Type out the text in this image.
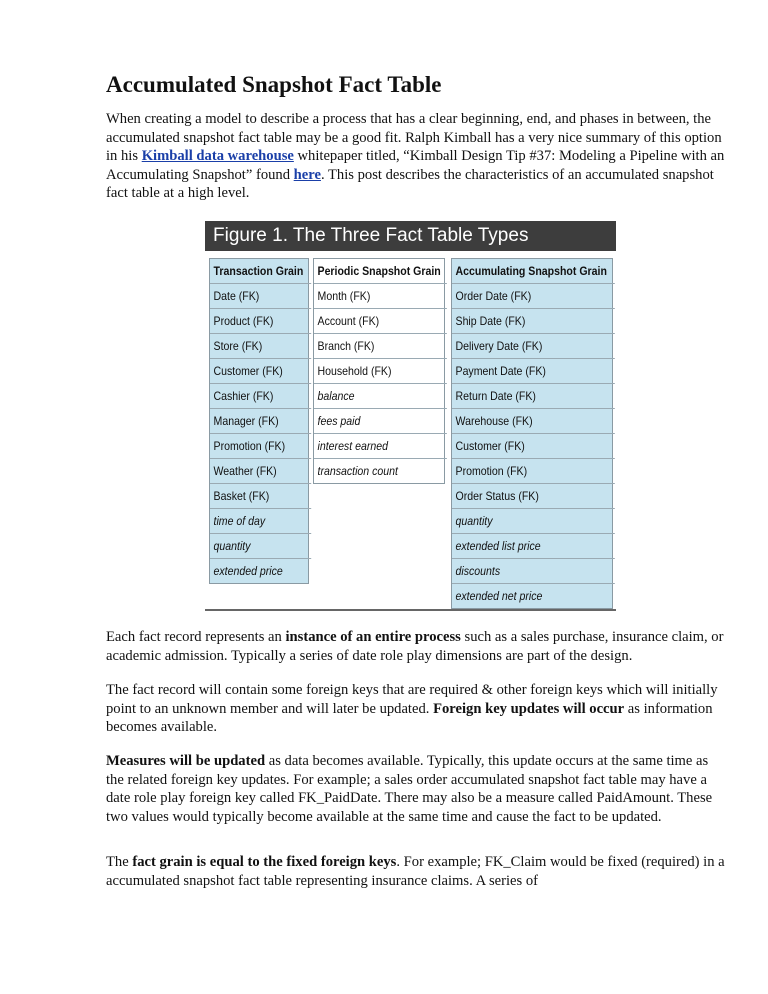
Accumulated Snapshot Fact Table

When creating a model to describe a process that has a clear beginning, end, and phases in between, the accumulated snapshot fact table may be a good fit. Ralph Kimball has a very nice summary of this option in his Kimball data warehouse whitepaper titled, “Kimball Design Tip #37: Modeling a Pipeline with an Accumulating Snapshot” found here. This post describes the characteristics of an accumulated snapshot fact table at a high level.

Figure 1. The Three Fact Table Types
Transaction Grain
Date (FK)
Product (FK)
Store (FK)
Customer (FK)
Cashier (FK)
Manager (FK)
Promotion (FK)
Weather (FK)
Basket (FK)
time of day
quantity
extended price
Periodic Snapshot Grain
Month (FK)
Account (FK)
Branch (FK)
Household (FK)
balance
fees paid
interest earned
transaction count
Accumulating Snapshot Grain
Order Date (FK)
Ship Date (FK)
Delivery Date (FK)
Payment Date (FK)
Return Date (FK)
Warehouse (FK)
Customer (FK)
Promotion (FK)
Order Status (FK)
quantity
extended list price
discounts
extended net price

Each fact record represents an instance of an entire process such as a sales purchase, insurance claim, or academic admission. Typically a series of date role play dimensions are part of the design.

The fact record will contain some foreign keys that are required & other foreign keys which will initially point to an unknown member and will later be updated. Foreign key updates will occur as information becomes available.

Measures will be updated as data becomes available. Typically, this update occurs at the same time as the related foreign key updates. For example; a sales order accumulated snapshot fact table may have a date role play foreign key called FK_PaidDate. There may also be a measure called PaidAmount. These two values would typically become available at the same time and cause the fact to be updated.

The fact grain is equal to the fixed foreign keys. For example; FK_Claim would be fixed (required) in a accumulated snapshot fact table representing insurance claims. A series of
